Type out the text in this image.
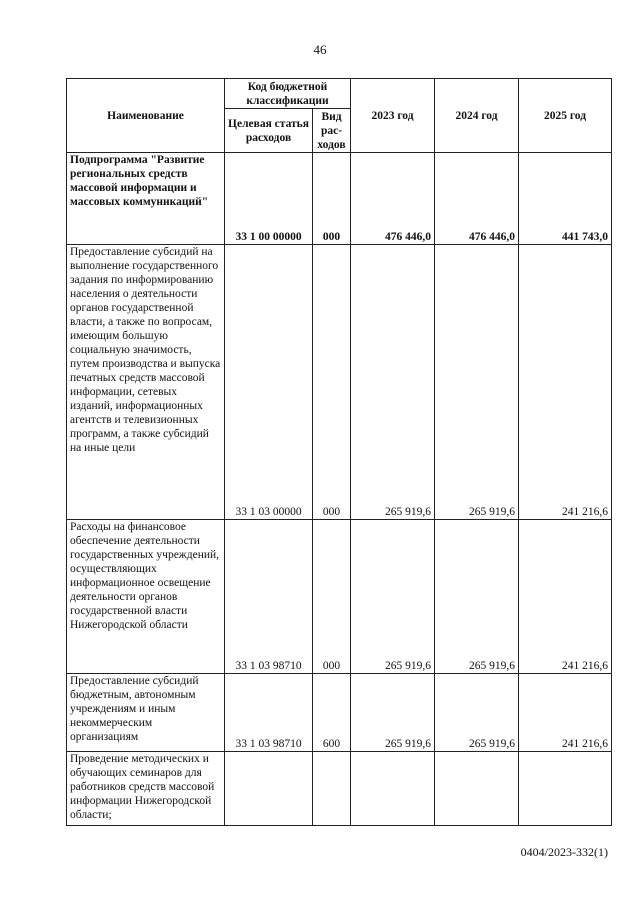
46
Наименование	Код бюджетной классификации		2023 год	2024 год	2025 год
	Целевая статья расходов	Вид рас-ходов			
Подпрограмма "Развитие региональных средств массовой информации и массовых коммуникаций"	33 1 00 00000	000	476 446,0	476 446,0	441 743,0
Предоставление субсидий на выполнение государственного задания по информированию населения о деятельности органов государственной власти, а также по вопросам, имеющим большую социальную значимость, путем производства и выпуска печатных средств массовой информации, сетевых изданий, информационных агентств и телевизионных программ, а также субсидий на иные цели	33 1 03 00000	000	265 919,6	265 919,6	241 216,6
Расходы на финансовое обеспечение деятельности государственных учреждений, осуществляющих информационное освещение деятельности органов государственной власти Нижегородской области	33 1 03 98710	000	265 919,6	265 919,6	241 216,6
Предоставление субсидий бюджетным, автономным учреждениям и иным некоммерческим организациям	33 1 03 98710	600	265 919,6	265 919,6	241 216,6
Проведение методических и обучающих семинаров для работников средств массовой информации Нижегородской области;					
0404/2023-332(1)
